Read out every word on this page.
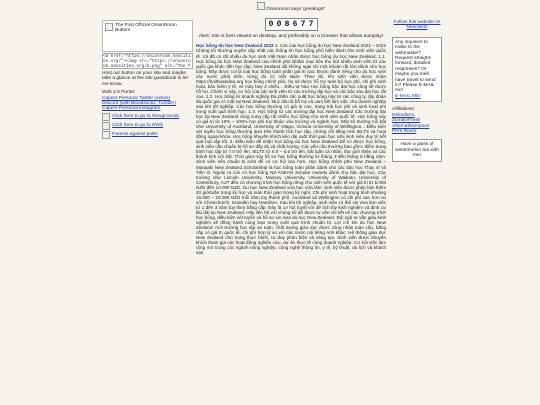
The First Official OnionRoom Button!
<a href="https://onionroom.neocities.org/"><img src="https://onionroom.neocities.org/b.png" alt="The F
Host our button on your site and maybe take a glance at the site guestbook to let me know.
Web 2.0 Portal:
Capers Personal Twitter (active)
Discord (with Bloodsucks, Tumblr!)
Capers Personal Instagram
Click here to go to Newgrounds
Click here to go to RWS
Parents against polls!
Onionroom says 'greetings!'
0 0 8 6 7 7
Alert: Site is best viewed on desktop, and preferably on a browser that allows autoplay!
Học bổng du học New Zealand 2022 1. Các loại học bổng du học New Zealand 2021 – 2022 Chúng tôi thường xuyên cập nhật các thông tin học bổng phổ biến dành cho sinh viên quốc tế. Và đã có rất nhiều du học sinh Việt Nam nhận được học bổng du học New Zealand. 1.1. Học bổng du học New Zealand của chính phủ Nhằm mục tiêu thu hút nhiều sinh viên từ các quốc gia khác đến học tập, New Zealand đã không ngại chi một khoản rất lớn dành cho học bổng. Đây được coi là loại học bổng toàn phần giá trị cao. Được đánh riêng cho du học sinh các nước phát triển, trong đó có Việt Nam. Theo đó, khi sinh viên được nhận https://hoithoabdisa.org học bổng chính phủ, họ sẽ được hỗ trợ toàn bộ học phí, chi phí sinh hoạt, bảo hiểm y tế, vé máy bay 2 chiều... Điều tự hào Học bổng bậc đại học cũng sẽ được hỗ trợ. Chính vì vậy, cơ hội của các sinh viên từ các trường đại học và các bậc sau đại học rất cao. 1.2. Học bổng từ doanh nghiệp Đa phần các suất học bổng này từ các công ty, tập đoàn đa quốc gia có mặt tại New Zealand. Mục tiêu là hỗ trợ và cam kết làm việc cho doanh nghiệp sau khi tốt nghiệp. Các học bổng thường có giá trị cao, trang trải học phí và sinh hoạt phí trong suốt quá trình học. 1.3. Học bổng từ các trường đại học New Zealand Các trường đại học tại New Zealand cũng cung cấp rất nhiều học bổng cho sinh viên quốc tế. Học bổng này có giá trị từ 10% – 100% học phí tùy thuộc vào trường và ngành học. Một số trường nổi bật như University of Auckland, University of Otago, Victoria University of Wellington... Điều kiện xét tuyển học bổng thường dựa trên thành tích học tập, chứng chỉ tiếng Anh IELTS và hoạt động ngoại khóa. Học bổng khuyến khích kéo dài suốt thời gian học nếu sinh viên duy trì kết quả học tập tốt. 2. Điều kiện để nhận học bổng du học New Zealand Để có được học bổng, sinh viên cần chuẩn bị hồ sơ đầy đủ và chất lượng. Các yêu cầu thường bao gồm: điểm trung bình học tập từ 7.0 trở lên, IELTS từ 6.0 – 6.5 trở lên, bài luận cá nhân, thư giới thiệu và các thành tích nổi bật. Thời gian nộp hồ sơ học bổng thường từ tháng 3 đến tháng 8 hằng năm. Sinh viên nên chuẩn bị sớm để có cơ hội cao hơn. Học bổng chính phủ New Zealand – Manaaki New Zealand Scholarship là học bổng toàn phần dành cho các bậc học Thạc sĩ và Tiến sĩ. Ngoài ra còn có học bổng NZ-ASEAN Scholar Awards dành cho bậc đại học. Các trường như Lincoln University, Massey University, University of Waikato, University of Canterbury, AUT đều có chương trình học bổng riêng cho sinh viên quốc tế với giá trị từ 5.000 NZD đến 10.000 NZD. Du học New Zealand vừa học vừa làm: sinh viên được phép làm thêm 20 giờ/tuần trong kỳ học và toàn thời gian trong kỳ nghỉ. Chi phí sinh hoạt trung bình khoảng 15.000 – 20.000 NZD mỗi năm tùy thành phố. Auckland và Wellington có chi phí cao hơn so với Christchurch, Dunedin hay Hamilton. Sau khi tốt nghiệp, sinh viên có thể xin visa làm việc từ 1 đến 3 năm tùy theo bằng cấp. Đây là cơ hội tuyệt vời để tích lũy kinh nghiệm và định cư lâu dài tại New Zealand. Hãy liên hệ với chúng tôi để được tư vấn chi tiết về các chương trình học bổng, điều kiện xét tuyển và hồ sơ xin visa du học New Zealand. Đội ngũ tư vấn giàu kinh nghiệm sẽ đồng hành cùng bạn trong suốt quá trình chuẩn bị. Lợi ích khi du học New Zealand: môi trường học tập an toàn, chất lượng giáo dục được công nhận toàn cầu, bằng cấp có giá trị quốc tế, chi phí hợp lý so với các nước nói tiếng Anh khác. Hệ thống giáo dục New Zealand chú trọng thực hành, tư duy phản biện và sáng tạo. Sinh viên được khuyến khích tham gia các hoạt động nghiên cứu, dự án thực tế cùng doanh nghiệp. Cơ hội việc làm rộng mở trong các ngành nông nghiệp, công nghệ thông tin, y tế, kỹ thuật, du lịch và khách sạn.
Follow this website on Neocities!
Any inquiries to make to the webmaster? Request straight-forward, detailed responses? Or maybe you meh have travel to send in? Please E-MAIL me!
E-MAIL ME!
Affiliations:
Dekoderro
ZombieFresh
Afternathsimpson
Phi's Room
Have a glass of wintermelon tea with me!
